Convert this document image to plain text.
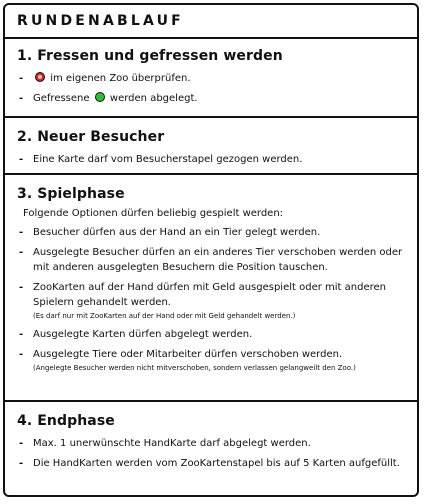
RUNDENABLAUF
1. Fressen und gefressen werden
-	im eigenen Zoo überprüfen.
- Gefressene werden abgelegt.
2. Neuer Besucher
- Eine Karte darf vom Besucherstapel gezogen werden.
3. Spielphase
Folgende Optionen dürfen beliebig gespielt werden:
- Besucher dürfen aus der Hand an ein Tier gelegt werden.
- Ausgelegte Besucher dürfen an ein anderes Tier verschoben werden oder mit anderen ausgelegten Besuchern die Position tauschen.
- ZooKarten auf der Hand dürfen mit Geld ausgespielt oder mit anderen Spielern gehandelt werden.
(Es darf nur mit ZooKarten auf der Hand oder mit Geld gehandelt werden.)
- Ausgelegte Karten dürfen abgelegt werden.
- Ausgelegte Tiere oder Mitarbeiter dürfen verschoben werden.
(Angelegte Besucher werden nicht mitverschoben, sondern verlassen gelangweilt den Zoo.)
4. Endphase
- Max. 1 unerwünschte HandKarte darf abgelegt werden.
- Die HandKarten werden vom ZooKartenstapel bis auf 5 Karten aufgefüllt.
